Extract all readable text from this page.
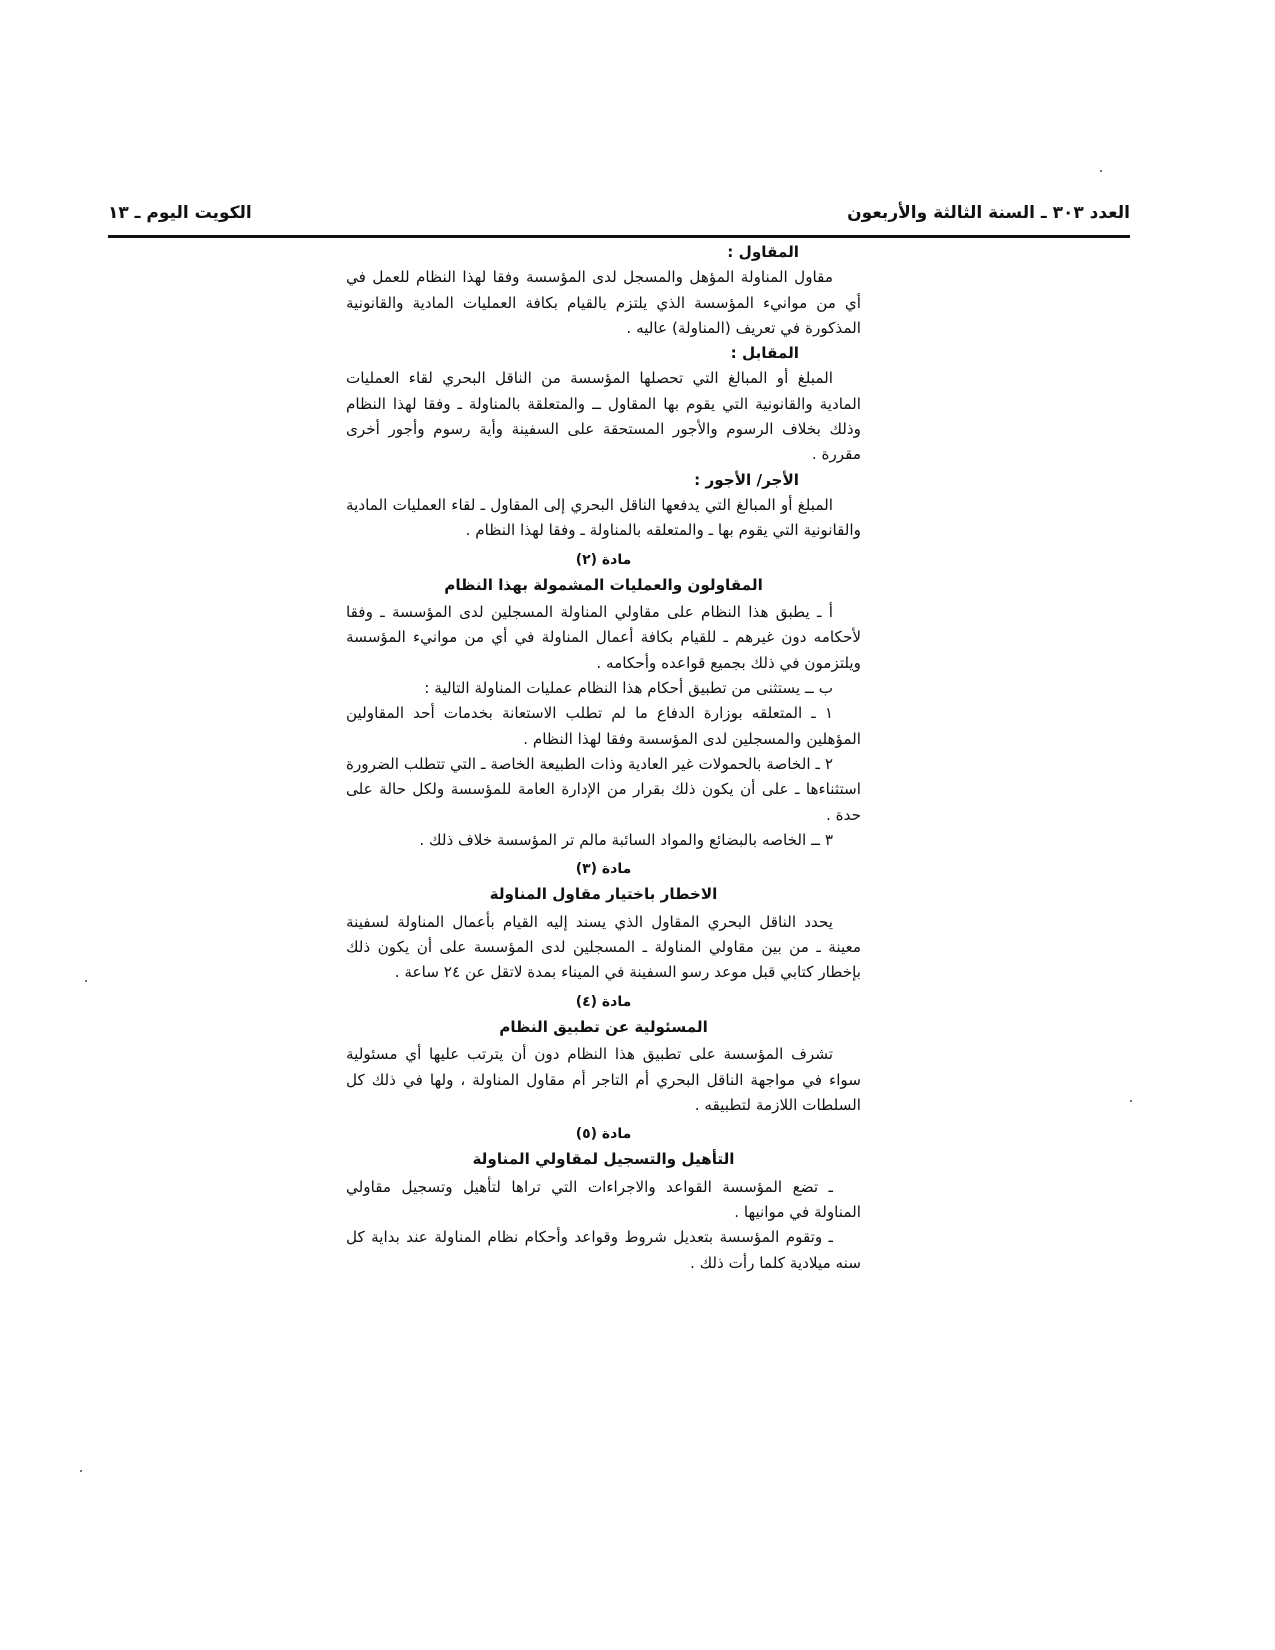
العدد ٣٠٣ ـ السنة الثالثة والأربعون
الكويت اليوم ـ ١٣

المقاول :

مقاول المناولة المؤهل والمسجل لدى المؤسسة وفقا لهذا النظام للعمل في أي من موانيء المؤسسة الذي يلتزم بالقيام بكافة العمليات المادية والقانونية المذكورة في تعريف (المناولة) عاليه .

المقابل :

المبلغ أو المبالغ التي تحصلها المؤسسة من الناقل البحري لقاء العمليات المادية والقانونية التي يقوم بها المقاول ــ والمتعلقة بالمناولة ـ وفقا لهذا النظام وذلك بخلاف الرسوم والأجور المستحقة على السفينة وأية رسوم وأجور أخرى مقررة .

الأجر/ الأجور :

المبلغ أو المبالغ التي يدفعها الناقل البحري إلى المقاول ـ لقاء العمليات المادية والقانونية التي يقوم بها ـ والمتعلقه بالمناولة ـ وفقا لهذا النظام .

مادة (٢)

المقاولون والعمليات المشمولة بهذا النظام

أ ـ يطبق هذا النظام على مقاولي المناولة المسجلين لدى المؤسسة ـ وفقا لأحكامه دون غيرهم ـ للقيام بكافة أعمال المناولة في أي من موانيء المؤسسة ويلتزمون في ذلك بجميع قواعده وأحكامه .

ب ــ يستثنى من تطبيق أحكام هذا النظام عمليات المناولة التالية :

١ ـ المتعلقه بوزارة الدفاع ما لم تطلب الاستعانة بخدمات أحد المقاولين المؤهلين والمسجلين لدى المؤسسة وفقا لهذا النظام .

٢ ـ الخاصة بالحمولات غير العادية وذات الطبيعة الخاصة ـ التي تتطلب الضرورة استثناءها ـ على أن يكون ذلك بقرار من الإدارة العامة للمؤسسة ولكل حالة على حدة .

٣ ــ الخاصه بالبضائع والمواد السائبة مالم تر المؤسسة خلاف ذلك .

مادة (٣)

الاخطار باختيار مقاول المناولة

يحدد الناقل البحري المقاول الذي يسند إليه القيام بأعمال المناولة لسفينة معينة ـ من بين مقاولي المناولة ـ المسجلين لدى المؤسسة على أن يكون ذلك بإخطار كتابي قبل موعد رسو السفينة في الميناء بمدة لاتقل عن ٢٤ ساعة .

مادة (٤)

المسئولية عن تطبيق النظام

تشرف المؤسسة على تطبيق هذا النظام دون أن يترتب عليها أي مسئولية سواء في مواجهة الناقل البحري أم التاجر أم مقاول المناولة ، ولها في ذلك كل السلطات اللازمة لتطبيقه .

مادة (٥)

التأهيل والتسجيل لمقاولي المناولة

ـ تضع المؤسسة القواعد والاجراءات التي تراها لتأهيل وتسجيل مقاولي المناولة في موانيها .

ـ وتقوم المؤسسة بتعديل شروط وقواعد وأحكام نظام المناولة عند بداية كل سنه ميلادية كلما رأت ذلك .
